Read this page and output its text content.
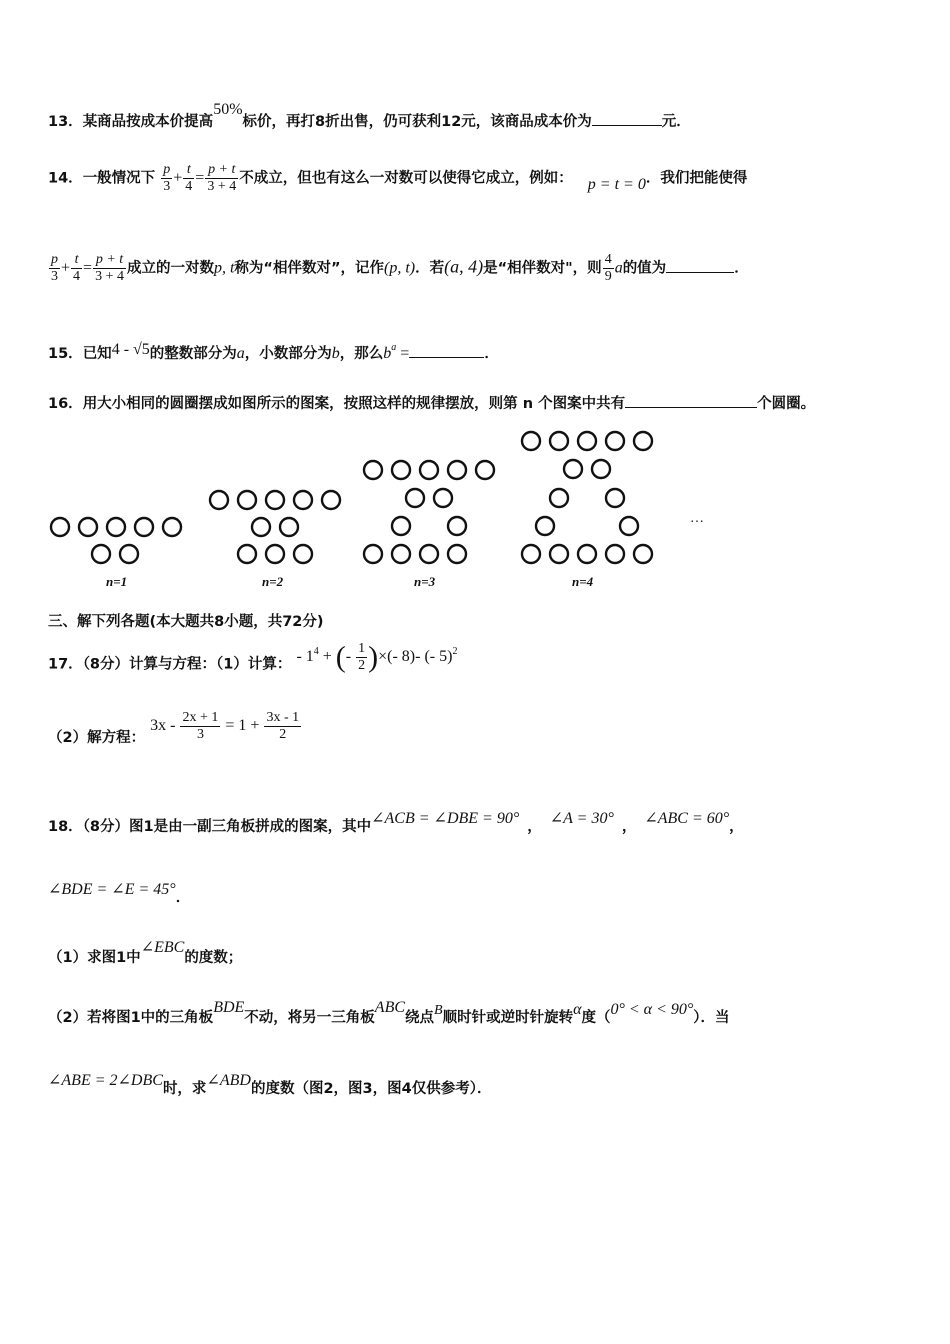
13．某商品按成本价提高50%标价，再打8折出售，仍可获利12元，该商品成本价为	元．
14．一般情况下 $\frac{p}{3} + \frac{t}{4} = \frac{p + t}{3 + 4}$ 不成立，但也有这么一对数可以使得它成立，例如： p = t = 0．我们把能使得
$\frac{p}{3} + \frac{t}{4} = \frac{p + t}{3 + 4}$ 成立的一对数p, t称为“相伴数对”，记作(p, t)．若(a, 4)是“相伴数对"，则 $\frac{4}{9}$ a的值为	．
15．已知4 - √5的整数部分为a，小数部分为b，那么$b^a$ =	．
16．用大小相同的圆圈摆成如图所示的图案，按照这样的规律摆放，则第 n 个图案中共有	个圆圈。
n=1	n=2	n=3	n=4
…
三、解下列各题(本大题共8小题，共72分)
17．（8分）计算与方程：（1）计算： - $1^4$ + (- $\frac{1}{2}$ )×(- 8)- (- 5)$^2$
（2）解方程： $3x - \frac{2x + 1}{3} = 1 + \frac{3x - 1}{2}$
18．（8分）图1是由一副三角板拼成的图案，其中∠ACB = ∠DBE = 90° ， ∠A = 30° ， ∠ABC = 60°，
∠BDE = ∠E = 45°．
（1）求图1中∠EBC的度数；
（2）若将图1中的三角板BDE不动，将另一三角板ABC绕点B顺时针或逆时针旋转α度（0° < α < 90°）．当
∠ABE = 2∠DBC时，求∠ABD的度数（图2，图3，图4仅供参考）．
